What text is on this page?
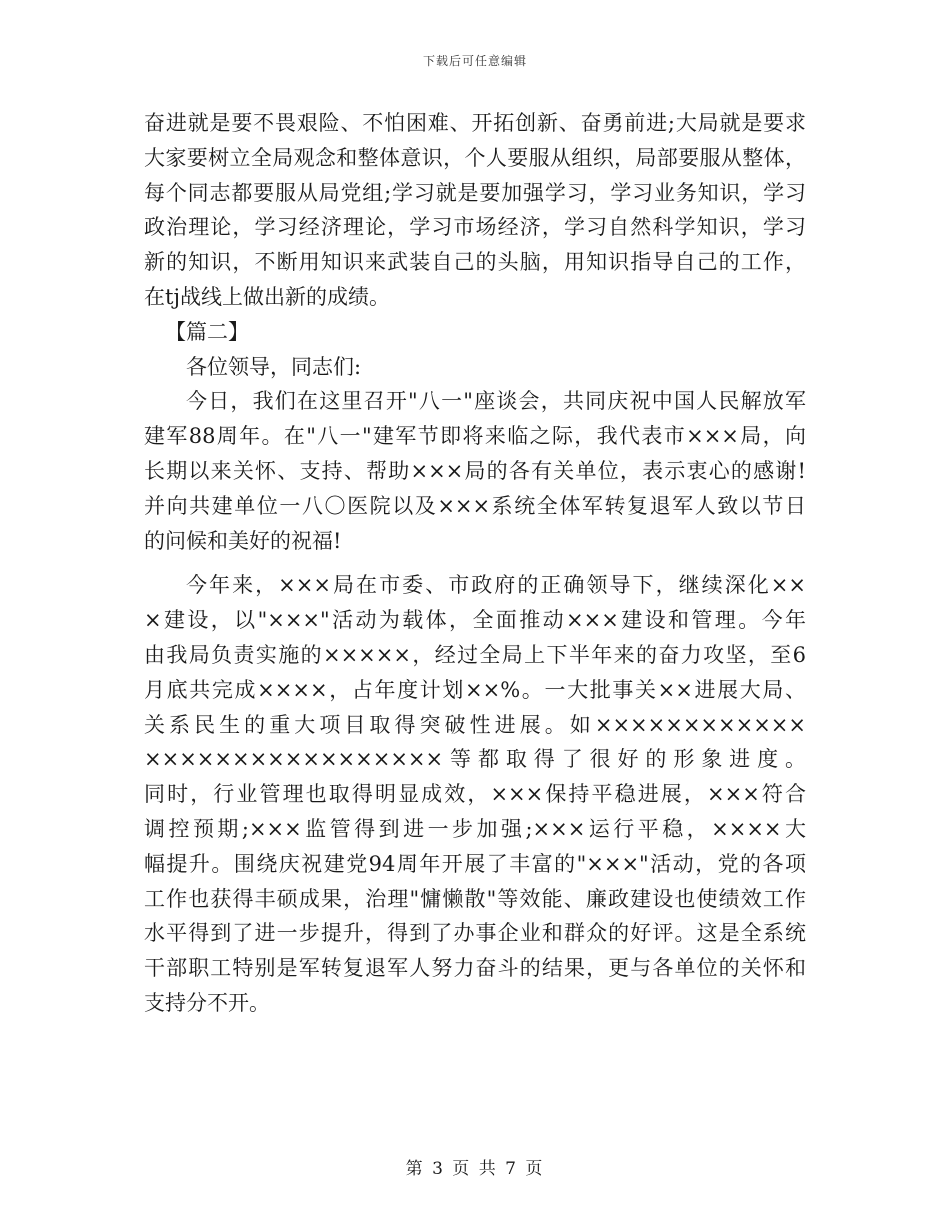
下载后可任意编辑
奋进就是要不畏艰险、不怕困难、开拓创新、奋勇前进;大局就是要求
大家要树立全局观念和整体意识，个人要服从组织，局部要服从整体，
每个同志都要服从局党组;学习就是要加强学习，学习业务知识，学习
政治理论，学习经济理论，学习市场经济，学习自然科学知识，学习
新的知识，不断用知识来武装自己的头脑，用知识指导自己的工作，
在tj战线上做出新的成绩。
【篇二】
各位领导，同志们:
今日，我们在这里召开"八一"座谈会，共同庆祝中国人民解放军
建军88周年。在"八一"建军节即将来临之际，我代表市×××局，向
长期以来关怀、支持、帮助×××局的各有关单位，表示衷心的感谢!
并向共建单位一八〇医院以及×××系统全体军转复退军人致以节日
的问候和美好的祝福!
今年来，×××局在市委、市政府的正确领导下，继续深化××
×建设，以"×××"活动为载体，全面推动×××建设和管理。今年
由我局负责实施的×××××，经过全局上下半年来的奋力攻坚，至6
月底共完成××××，占年度计划××%。一大批事关××进展大局、
关系民生的重大项目取得突破性进展。如××××××××××××
×××××××××××××××××等都取得了很好的形象进度。
同时，行业管理也取得明显成效，×××保持平稳进展，×××符合
调控预期;×××监管得到进一步加强;×××运行平稳，××××大
幅提升。围绕庆祝建党94周年开展了丰富的"×××"活动，党的各项
工作也获得丰硕成果，治理"慵懒散"等效能、廉政建设也使绩效工作
水平得到了进一步提升，得到了办事企业和群众的好评。这是全系统
干部职工特别是军转复退军人努力奋斗的结果，更与各单位的关怀和
支持分不开。
第 3 页 共 7 页
